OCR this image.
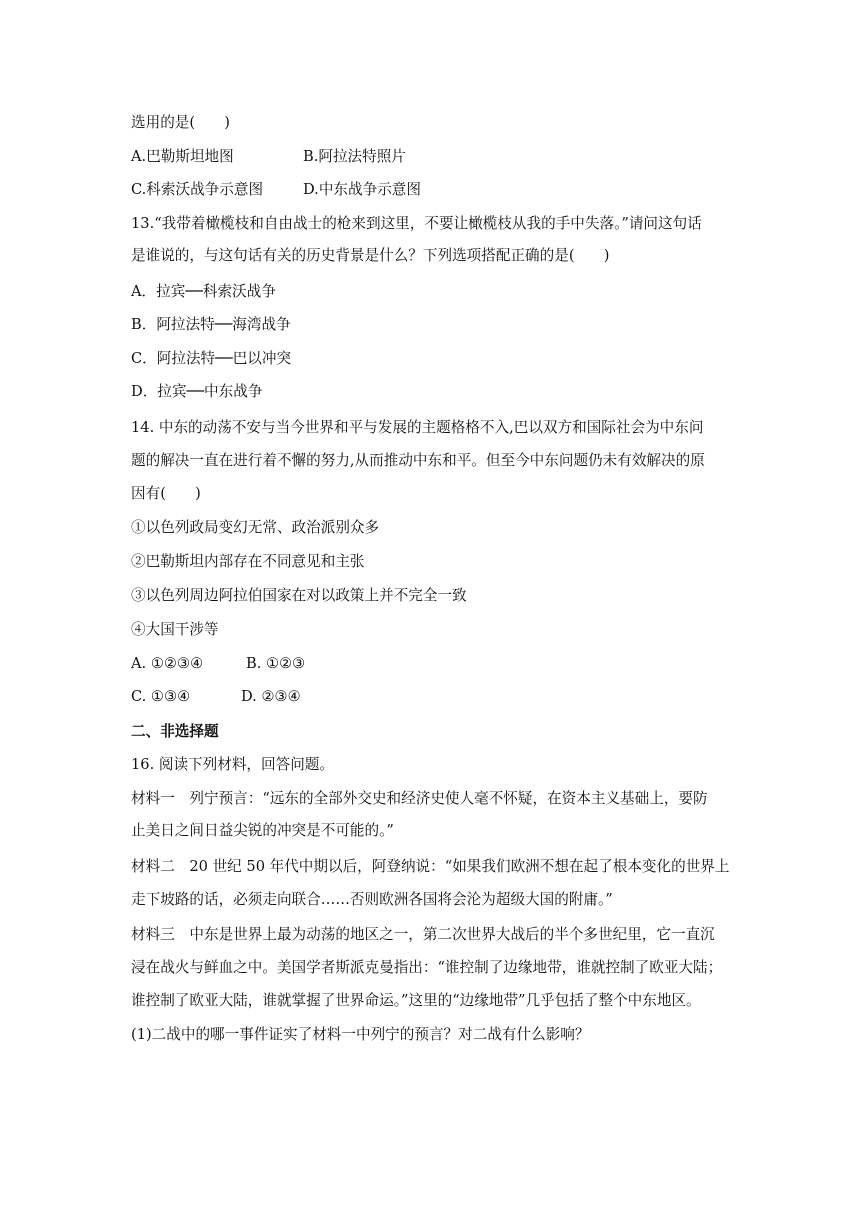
选用的是(　　)
A.巴勒斯坦地图	B.阿拉法特照片
C.科索沃战争示意图	D.中东战争示意图
13.“我带着橄榄枝和自由战士的枪来到这里，不要让橄榄枝从我的手中失落。”请问这句话
是谁说的，与这句话有关的历史背景是什么？下列选项搭配正确的是(　　)
A．拉宾──科索沃战争
B．阿拉法特──海湾战争
C．阿拉法特──巴以冲突
D．拉宾──中东战争
14. 中东的动荡不安与当今世界和平与发展的主题格格不入,巴以双方和国际社会为中东问
题的解决一直在进行着不懈的努力,从而推动中东和平。但至今中东问题仍未有效解决的原
因有(　　)
①以色列政局变幻无常、政治派别众多
②巴勒斯坦内部存在不同意见和主张
③以色列周边阿拉伯国家在对以政策上并不完全一致
④大国干涉等
A. ①②③④	B. ①②③
C. ①③④	D. ②③④
二、非选择题
16. 阅读下列材料，回答问题。
材料一　列宁预言：“远东的全部外交史和经济史使人毫不怀疑，在资本主义基础上，要防
止美日之间日益尖锐的冲突是不可能的。”
材料二　20 世纪 50 年代中期以后，阿登纳说：“如果我们欧洲不想在起了根本变化的世界上
走下坡路的话，必须走向联合……否则欧洲各国将会沦为超级大国的附庸。”
材料三　中东是世界上最为动荡的地区之一，第二次世界大战后的半个多世纪里，它一直沉
浸在战火与鲜血之中。美国学者斯派克曼指出：“谁控制了边缘地带，谁就控制了欧亚大陆；
谁控制了欧亚大陆，谁就掌握了世界命运。”这里的“边缘地带”几乎包括了整个中东地区。
(1)二战中的哪一事件证实了材料一中列宁的预言？对二战有什么影响？
